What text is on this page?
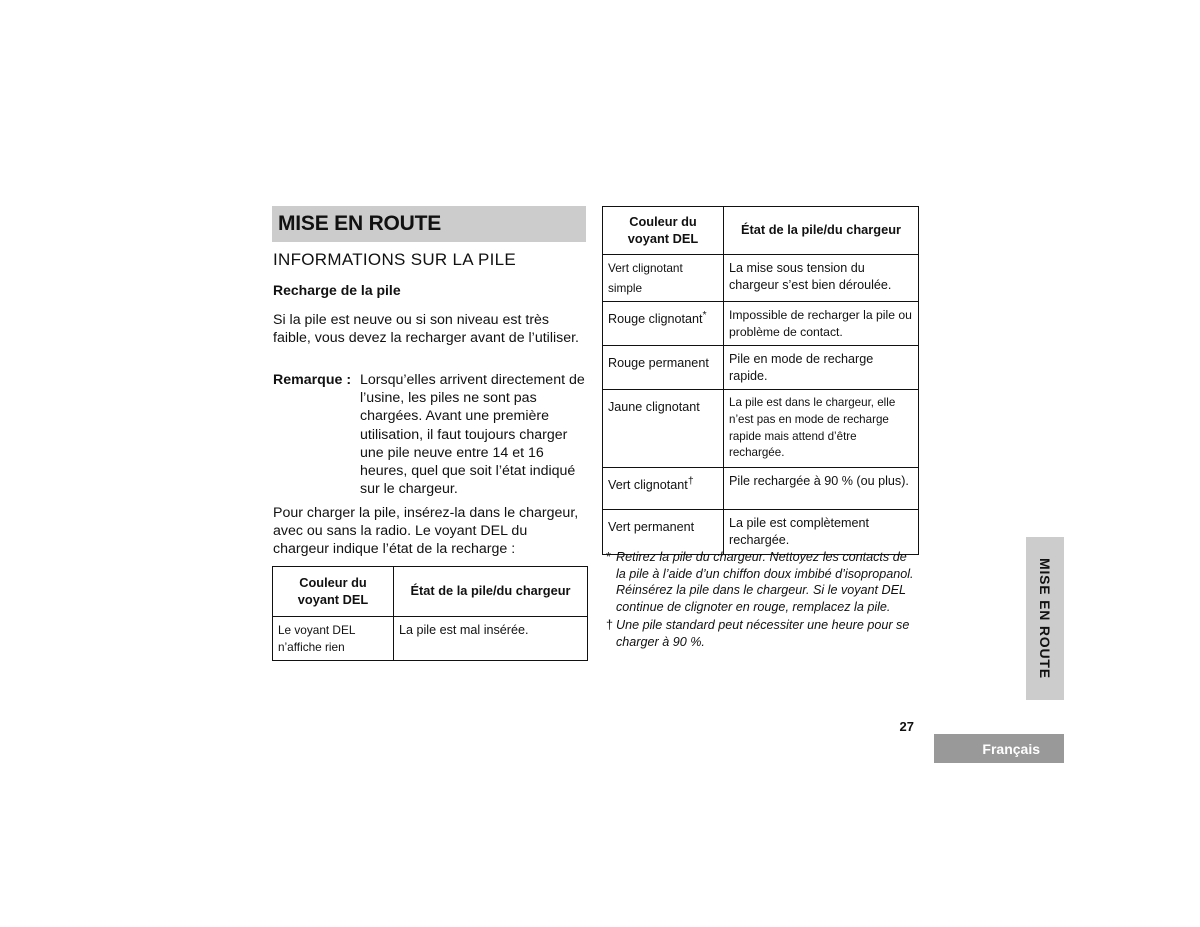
MISE EN ROUTE
INFORMATIONS SUR LA PILE
Recharge de la pile

Si la pile est neuve ou si son niveau est très faible, vous devez la recharger avant de l’utiliser.

Remarque : Lorsqu’elles arrivent directement de l’usine, les piles ne sont pas chargées. Avant une première utilisation, il faut toujours charger une pile neuve entre 14 et 16 heures, quel que soit l’état indiqué sur le chargeur.

Pour charger la pile, insérez-la dans le chargeur, avec ou sans la radio. Le voyant DEL du chargeur indique l’état de la recharge :

Couleur du voyant DEL	État de la pile/du chargeur
Le voyant DEL n’affiche rien	La pile est mal insérée.
Couleur du voyant DEL	État de la pile/du chargeur
Vert clignotant simple	La mise sous tension du chargeur s’est bien déroulée.
Rouge clignotant*	Impossible de recharger la pile ou problème de contact.
Rouge permanent	Pile en mode de recharge rapide.
Jaune clignotant	La pile est dans le chargeur, elle n’est pas en mode de recharge rapide mais attend d’être rechargée.
Vert clignotant†	Pile rechargée à 90 % (ou plus).
Vert permanent	La pile est complètement rechargée.
* Retirez la pile du chargeur. Nettoyez les contacts de la pile à l’aide d’un chiffon doux imbibé d’isopropanol. Réinsérez la pile dans le chargeur. Si le voyant DEL continue de clignoter en rouge, remplacez la pile.
† Une pile standard peut nécessiter une heure pour se charger à 90 %.	MISE EN ROUTE
27
Français
